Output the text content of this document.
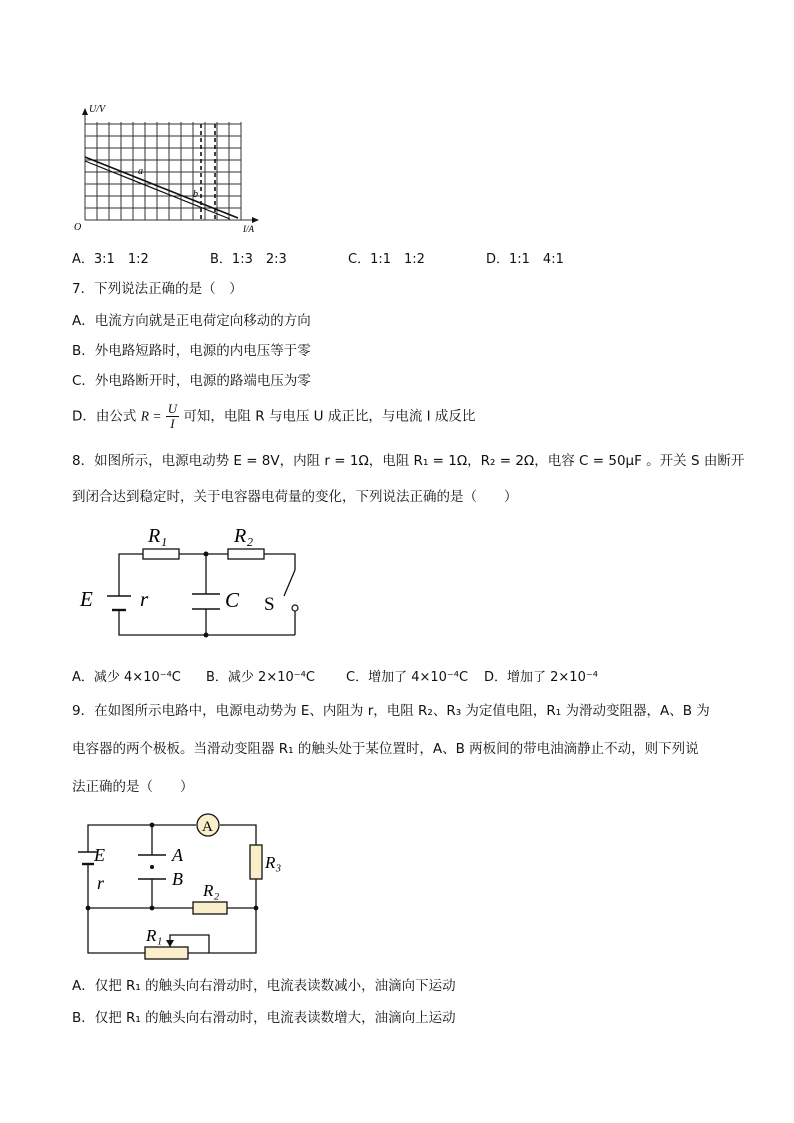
U/V
I/A
O
a
b
A．3:1　1:2	B．1:3　2:3	C．1:1　1:2	D．1:1　4:1
7．下列说法正确的是（　）
A．电流方向就是正电荷定向移动的方向
B．外电路短路时，电源的内电压等于零
C．外电路断开时，电源的路端电压为零
D．由公式 $R = \frac{U}{I}$ 可知，电阻 R 与电压 U 成正比，与电流 I 成反比
8．如图所示，电源电动势 E = 8V，内阻 r = 1Ω，电阻 R₁ = 1Ω，R₂ = 2Ω，电容 C = 50μF 。开关 S 由断开
到闭合达到稳定时，关于电容器电荷量的变化，下列说法正确的是（　　）
R₁	R₂
E r	C S
A．减少 4×10⁻⁴C B．减少 2×10⁻⁴C C．增加了 4×10⁻⁴C D．增加了 2×10⁻⁴
9．在如图所示电路中，电源电动势为 E、内阻为 r，电阻 R₂、R₃ 为定值电阻，R₁ 为滑动变阻器，A、B 为
电容器的两个极板。当滑动变阻器 R₁ 的触头处于某位置时，A、B 两板间的带电油滴静止不动，则下列说
法正确的是（　　）
A
E
r
A
B
R₁
R₂
R₃
A．仅把 R₁ 的触头向右滑动时，电流表读数减小，油滴向下运动
B．仅把 R₁ 的触头向右滑动时，电流表读数增大，油滴向上运动
